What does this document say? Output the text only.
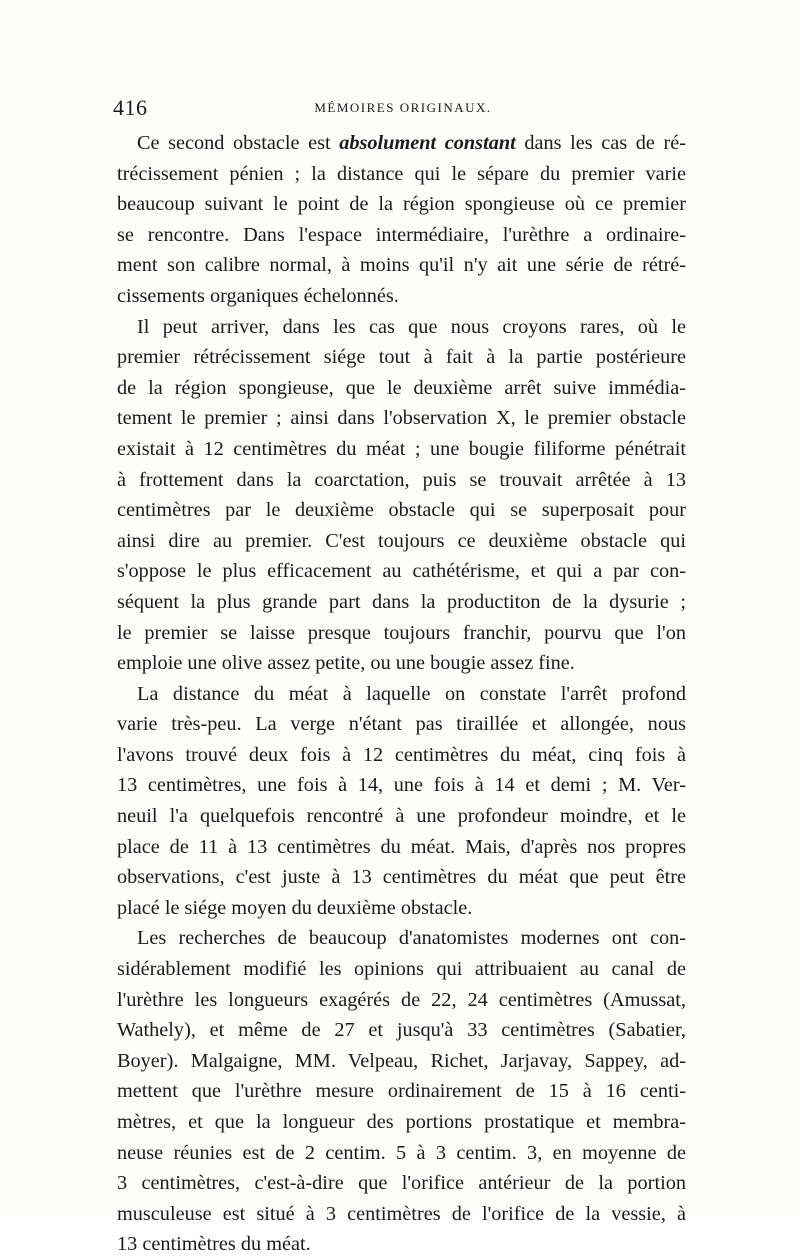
416	MÉMOIRES ORIGINAUX.

Ce second obstacle est absolument constant dans les cas de ré-
trécissement pénien ; la distance qui le sépare du premier varie
beaucoup suivant le point de la région spongieuse où ce premier
se rencontre. Dans l'espace intermédiaire, l'urèthre a ordinaire-
ment son calibre normal, à moins qu'il n'y ait une série de rétré-
cissements organiques échelonnés.

Il peut arriver, dans les cas que nous croyons rares, où le
premier rétrécissement siége tout à fait à la partie postérieure
de la région spongieuse, que le deuxième arrêt suive immédia-
tement le premier ; ainsi dans l'observation X, le premier obstacle
existait à 12 centimètres du méat ; une bougie filiforme pénétrait
à frottement dans la coarctation, puis se trouvait arrêtée à 13
centimètres par le deuxième obstacle qui se superposait pour
ainsi dire au premier. C'est toujours ce deuxième obstacle qui
s'oppose le plus efficacement au cathétérisme, et qui a par con-
séquent la plus grande part dans la productiton de la dysurie ;
le premier se laisse presque toujours franchir, pourvu que l'on
emploie une olive assez petite, ou une bougie assez fine.

La distance du méat à laquelle on constate l'arrêt profond
varie très-peu. La verge n'étant pas tiraillée et allongée, nous
l'avons trouvé deux fois à 12 centimètres du méat, cinq fois à
13 centimètres, une fois à 14, une fois à 14 et demi ; M. Ver-
neuil l'a quelquefois rencontré à une profondeur moindre, et le
place de 11 à 13 centimètres du méat. Mais, d'après nos propres
observations, c'est juste à 13 centimètres du méat que peut être
placé le siége moyen du deuxième obstacle.

Les recherches de beaucoup d'anatomistes modernes ont con-
sidérablement modifié les opinions qui attribuaient au canal de
l'urèthre les longueurs exagérés de 22, 24 centimètres (Amussat,
Wathely), et même de 27 et jusqu'à 33 centimètres (Sabatier,
Boyer). Malgaigne, MM. Velpeau, Richet, Jarjavay, Sappey, ad-
mettent que l'urèthre mesure ordinairement de 15 à 16 centi-
mètres, et que la longueur des portions prostatique et membra-
neuse réunies est de 2 centim. 5 à 3 centim. 3, en moyenne de
3 centimètres, c'est-à-dire que l'orifice antérieur de la portion
musculeuse est situé à 3 centimètres de l'orifice de la vessie, à
13 centimètres du méat.
